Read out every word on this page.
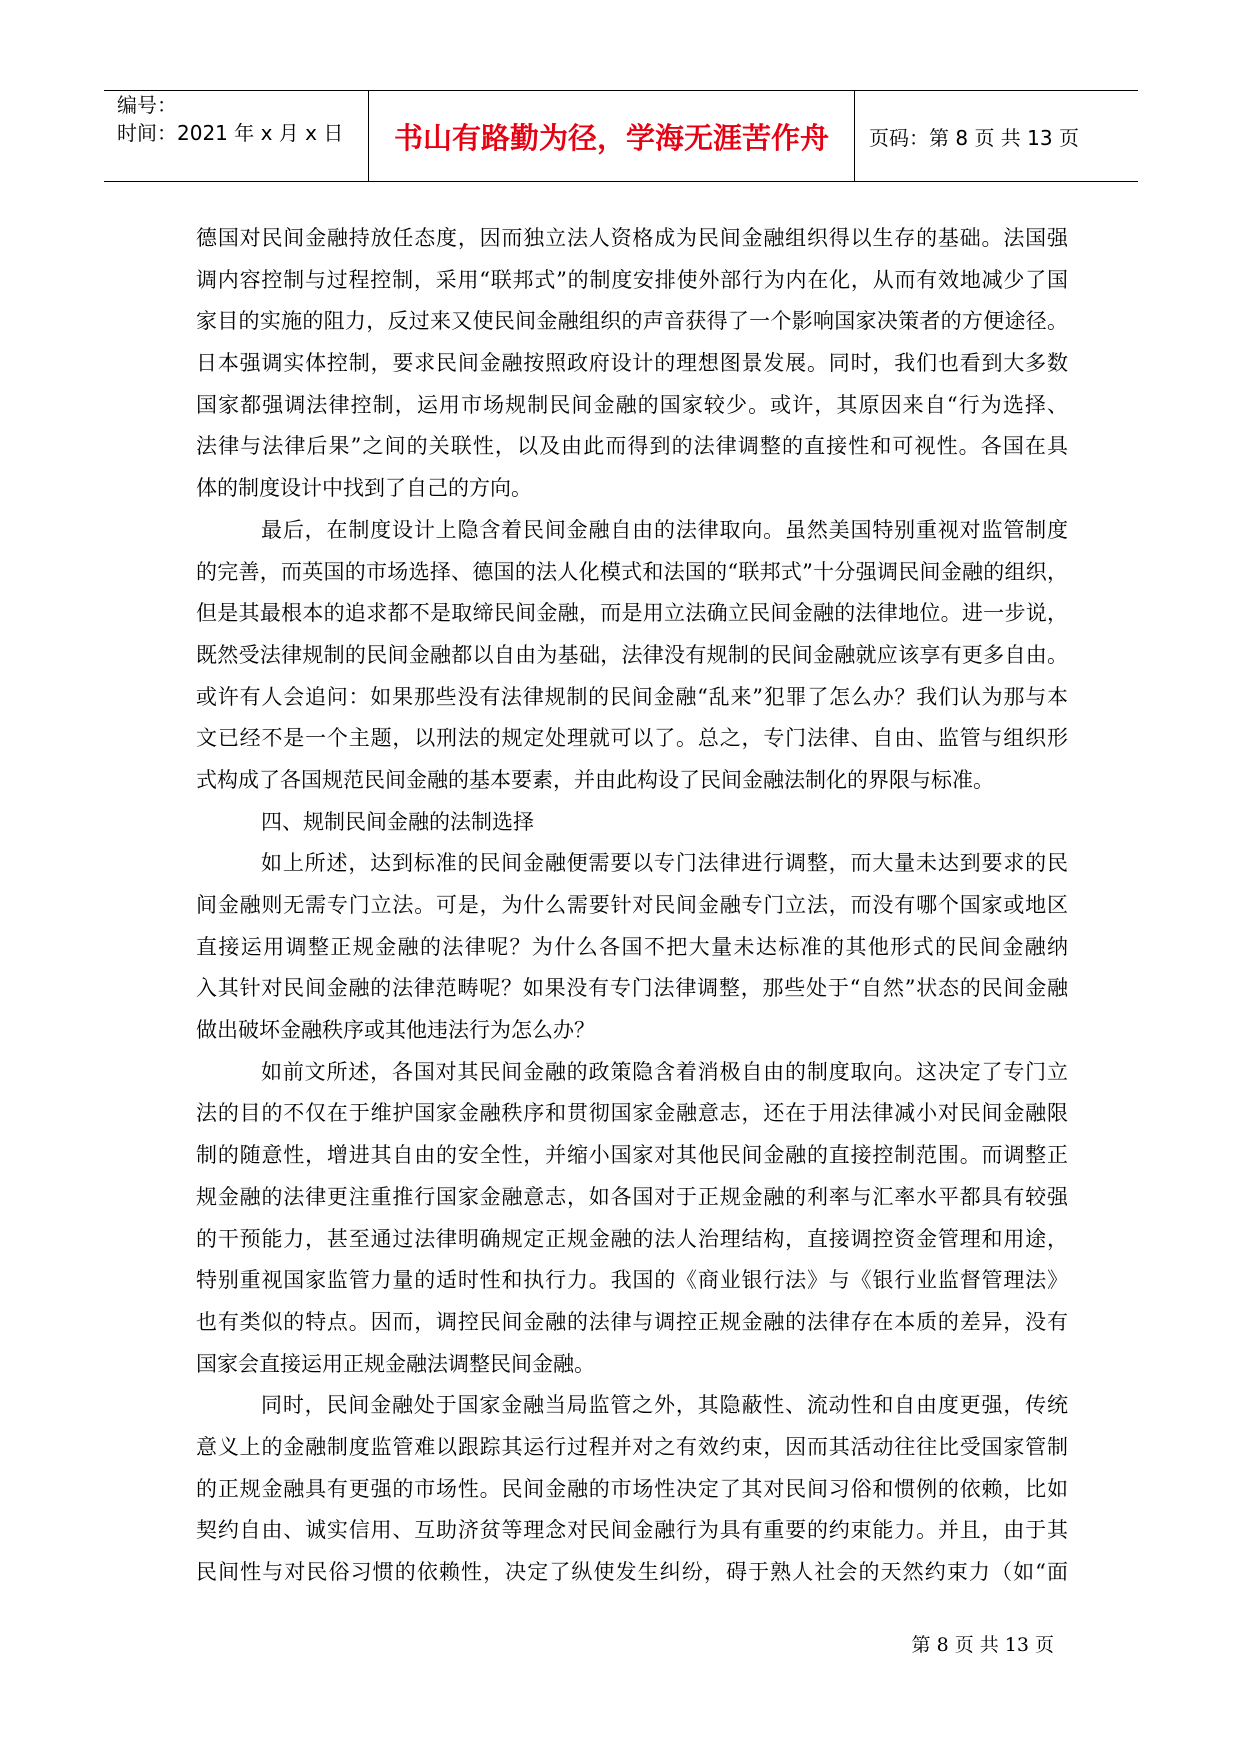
编号：
时间：2021 年 x 月 x 日	书山有路勤为径，学海无涯苦作舟	页码：第 8 页 共 13 页
德国对民间金融持放任态度，因而独立法人资格成为民间金融组织得以生存的基础。法国强
调内容控制与过程控制，采用“联邦式”的制度安排使外部行为内在化，从而有效地减少了国
家目的实施的阻力，反过来又使民间金融组织的声音获得了一个影响国家决策者的方便途径。
日本强调实体控制，要求民间金融按照政府设计的理想图景发展。同时，我们也看到大多数
国家都强调法律控制，运用市场规制民间金融的国家较少。或许，其原因来自“行为选择、
法律与法律后果”之间的关联性，以及由此而得到的法律调整的直接性和可视性。各国在具
体的制度设计中找到了自己的方向。
最后，在制度设计上隐含着民间金融自由的法律取向。虽然美国特别重视对监管制度
的完善，而英国的市场选择、德国的法人化模式和法国的“联邦式”十分强调民间金融的组织，
但是其最根本的追求都不是取缔民间金融，而是用立法确立民间金融的法律地位。进一步说，
既然受法律规制的民间金融都以自由为基础，法律没有规制的民间金融就应该享有更多自由。
或许有人会追问：如果那些没有法律规制的民间金融“乱来”犯罪了怎么办？我们认为那与本
文已经不是一个主题，以刑法的规定处理就可以了。总之，专门法律、自由、监管与组织形
式构成了各国规范民间金融的基本要素，并由此构设了民间金融法制化的界限与标准。
四、规制民间金融的法制选择
如上所述，达到标准的民间金融便需要以专门法律进行调整，而大量未达到要求的民
间金融则无需专门立法。可是，为什么需要针对民间金融专门立法，而没有哪个国家或地区
直接运用调整正规金融的法律呢？为什么各国不把大量未达标准的其他形式的民间金融纳
入其针对民间金融的法律范畴呢？如果没有专门法律调整，那些处于“自然”状态的民间金融
做出破坏金融秩序或其他违法行为怎么办？
如前文所述，各国对其民间金融的政策隐含着消极自由的制度取向。这决定了专门立
法的目的不仅在于维护国家金融秩序和贯彻国家金融意志，还在于用法律减小对民间金融限
制的随意性，增进其自由的安全性，并缩小国家对其他民间金融的直接控制范围。而调整正
规金融的法律更注重推行国家金融意志，如各国对于正规金融的利率与汇率水平都具有较强
的干预能力，甚至通过法律明确规定正规金融的法人治理结构，直接调控资金管理和用途，
特别重视国家监管力量的适时性和执行力。我国的《商业银行法》与《银行业监督管理法》
也有类似的特点。因而，调控民间金融的法律与调控正规金融的法律存在本质的差异，没有
国家会直接运用正规金融法调整民间金融。
同时，民间金融处于国家金融当局监管之外，其隐蔽性、流动性和自由度更强，传统
意义上的金融制度监管难以跟踪其运行过程并对之有效约束，因而其活动往往比受国家管制
的正规金融具有更强的市场性。民间金融的市场性决定了其对民间习俗和惯例的依赖，比如
契约自由、诚实信用、互助济贫等理念对民间金融行为具有重要的约束能力。并且，由于其
民间性与对民俗习惯的依赖性，决定了纵使发生纠纷，碍于熟人社会的天然约束力（如“面
第 8 页 共 13 页
